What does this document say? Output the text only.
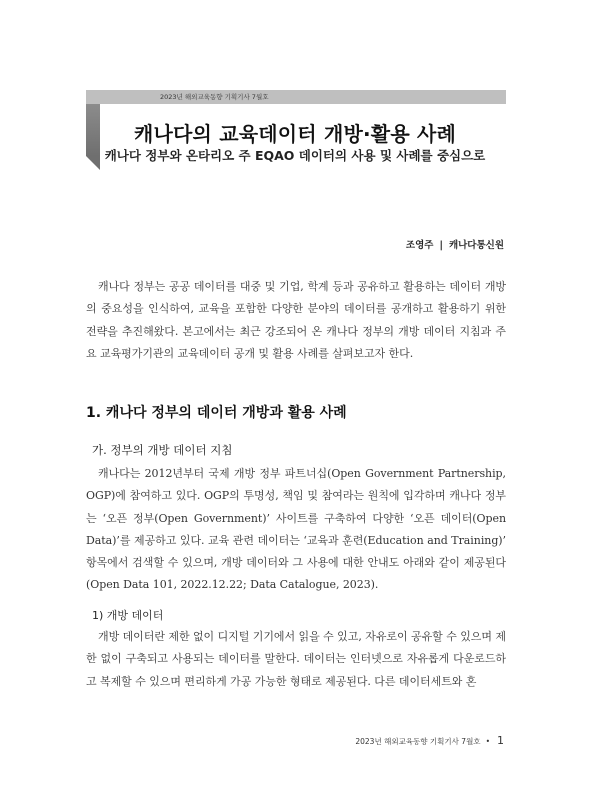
2023년 해외교육동향 기획기사 7월호
캐나다의 교육데이터 개방·활용 사례
캐나다 정부와 온타리오 주 EQAO 데이터의 사용 및 사례를 중심으로
조영주 | 캐나다통신원

캐나다 정부는 공공 데이터를 대중 및 기업, 학계 등과 공유하고 활용하는 데이터 개방의 중요성을 인식하여, 교육을 포함한 다양한 분야의 데이터를 공개하고 활용하기 위한 전략을 추진해왔다. 본고에서는 최근 강조되어 온 캐나다 정부의 개방 데이터 지침과 주요 교육평가기관의 교육데이터 공개 및 활용 사례를 살펴보고자 한다.

1. 캐나다 정부의 데이터 개방과 활용 사례
가. 정부의 개방 데이터 지침

캐나다는 2012년부터 국제 개방 정부 파트너십(Open Government Partnership, OGP)에 참여하고 있다. OGP의 투명성, 책임 및 참여라는 원칙에 입각하며 캐나다 정부는 ‘오픈 정부(Open Government)’ 사이트를 구축하여 다양한 ‘오픈 데이터(Open Data)’를 제공하고 있다. 교육 관련 데이터는 ‘교육과 훈련(Education and Training)’ 항목에서 검색할 수 있으며, 개방 데이터와 그 사용에 대한 안내도 아래와 같이 제공된다(Open Data 101, 2022.12.22; Data Catalogue, 2023).

1) 개방 데이터

개방 데이터란 제한 없이 디지털 기기에서 읽을 수 있고, 자유로이 공유할 수 있으며 제한 없이 구축되고 사용되는 데이터를 말한다. 데이터는 인터넷으로 자유롭게 다운로드하고 복제할 수 있으며 편리하게 가공 가능한 형태로 제공된다. 다른 데이터세트와 혼

2023년 해외교육동향 기획기사 7월호 • 1
